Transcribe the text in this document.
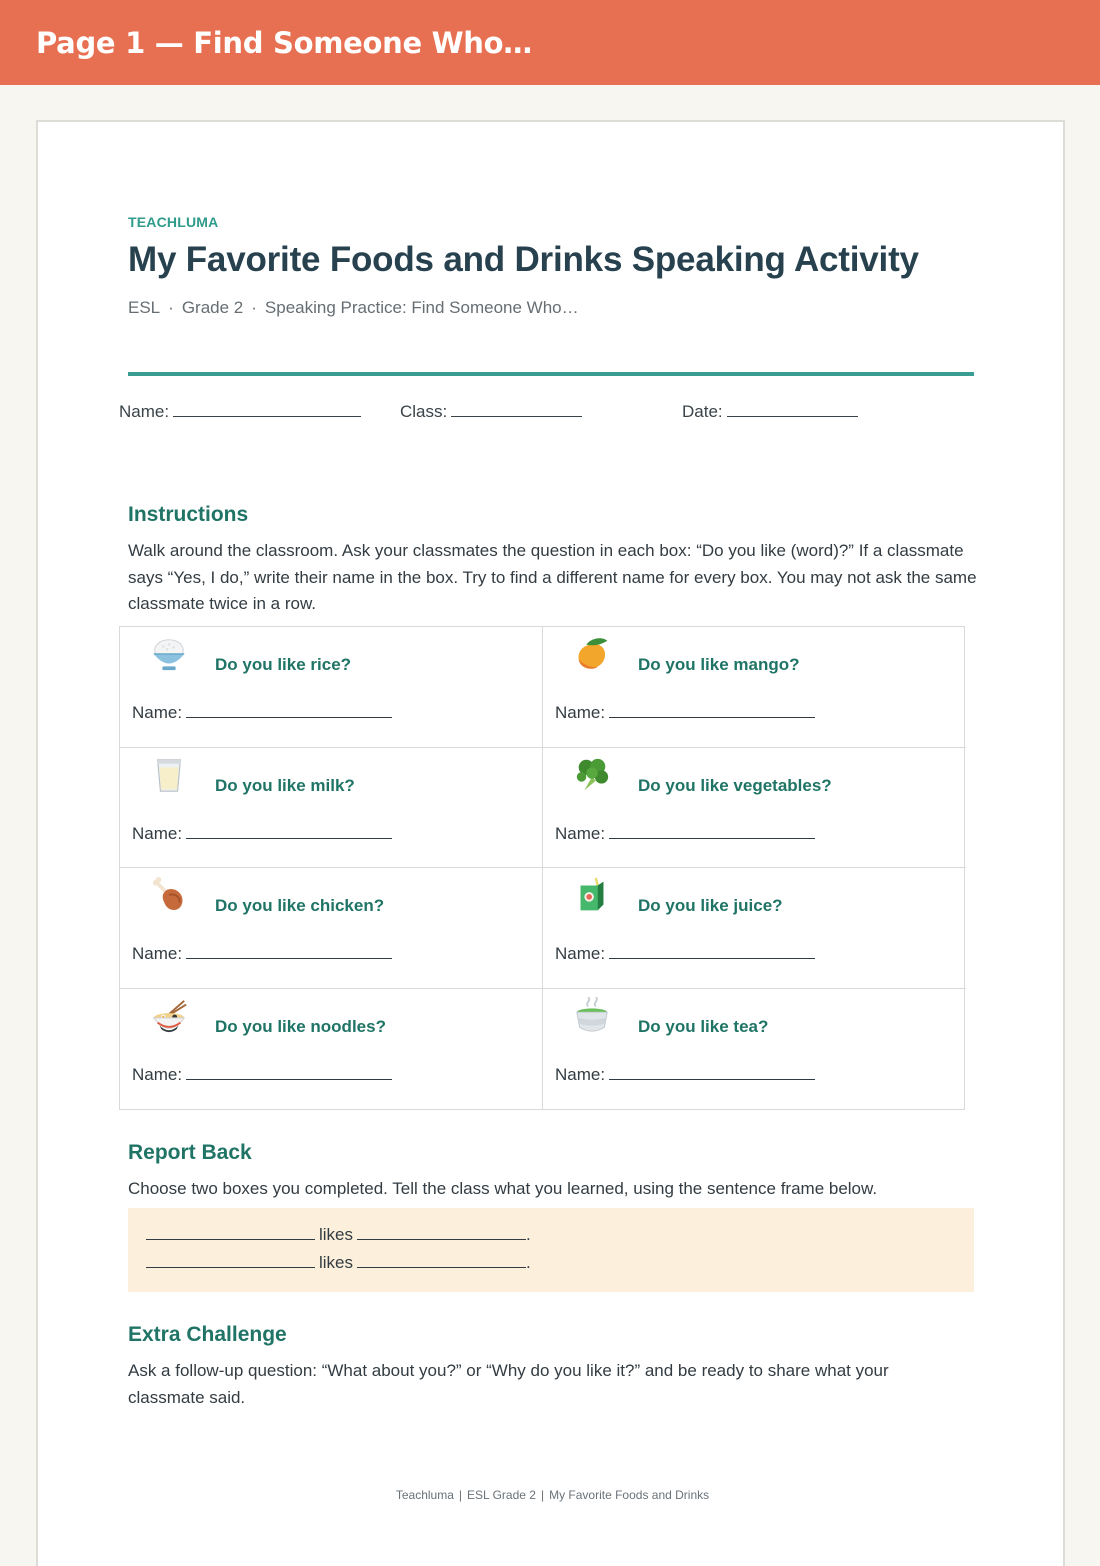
Page 1 — Find Someone Who…
TEACHLUMA
My Favorite Foods and Drinks Speaking Activity
ESL · Grade 2 · Speaking Practice: Find Someone Who…
Name:	Class:	Date:
Instructions
Walk around the classroom. Ask your classmates the question in each box: “Do you like (word)?” If a classmate says “Yes, I do,” write their name in the box. Try to find a different name for every box. You may not ask the same classmate twice in a row.
Do you like rice?
Name:
Do you like mango?
Name:
Do you like milk?
Name:
Do you like vegetables?
Name:
Do you like chicken?
Name:
Do you like juice?
Name:
Do you like noodles?
Name:
Do you like tea?
Name:
Report Back
Choose two boxes you completed. Tell the class what you learned, using the sentence frame below.
likes	.
likes	.
Extra Challenge
Ask a follow-up question: “What about you?” or “Why do you like it?” and be ready to share what your classmate said.
Teachluma | ESL Grade 2 | My Favorite Foods and Drinks
